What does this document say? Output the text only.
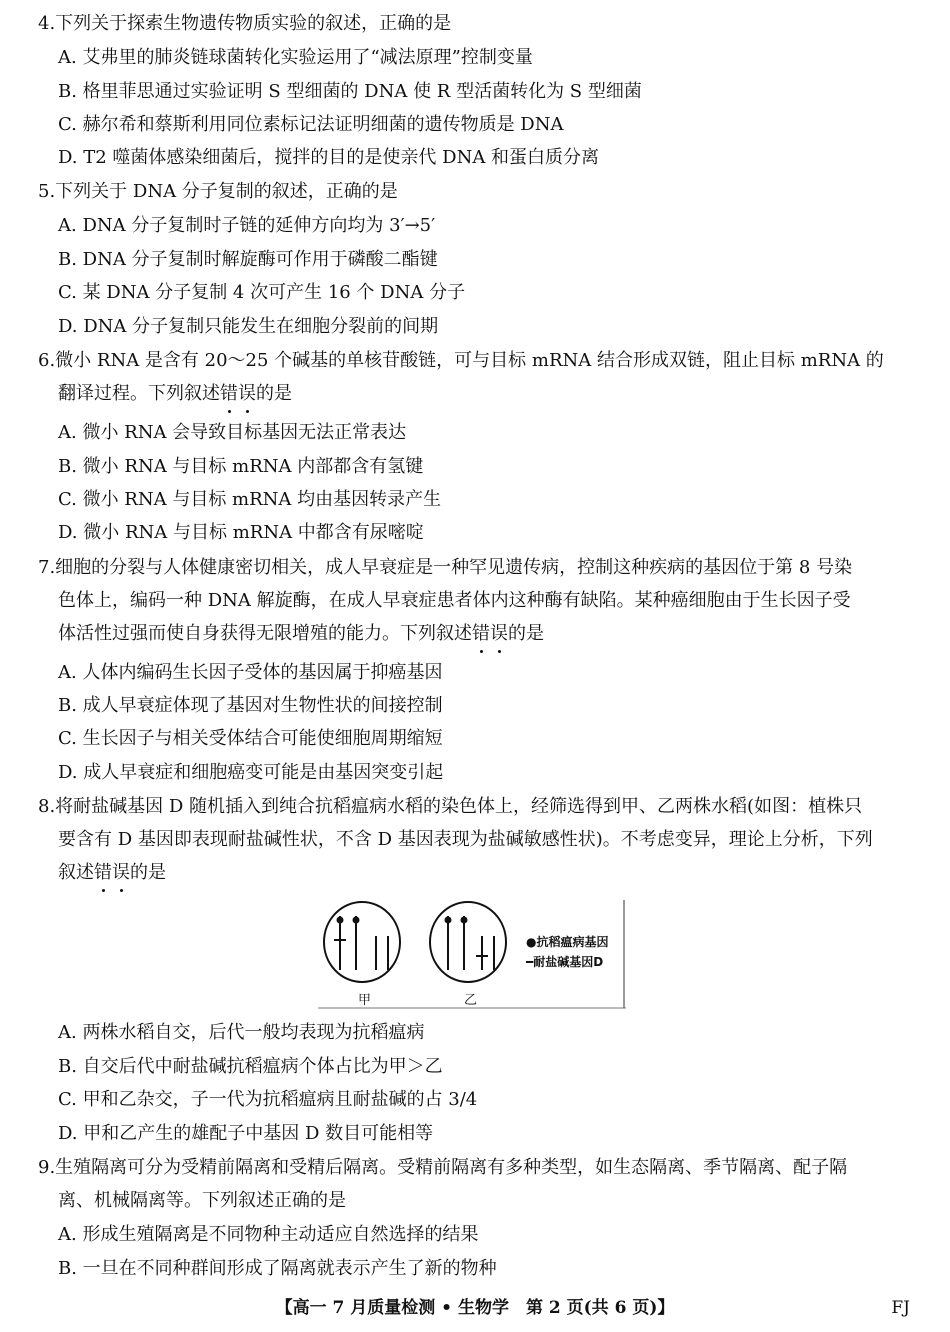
4.下列关于探索生物遗传物质实验的叙述，正确的是
A. 艾弗里的肺炎链球菌转化实验运用了“减法原理”控制变量
B. 格里菲思通过实验证明 S 型细菌的 DNA 使 R 型活菌转化为 S 型细菌
C. 赫尔希和蔡斯利用同位素标记法证明细菌的遗传物质是 DNA
D. T2 噬菌体感染细菌后，搅拌的目的是使亲代 DNA 和蛋白质分离
5.下列关于 DNA 分子复制的叙述，正确的是
A. DNA 分子复制时子链的延伸方向均为 3′→5′
B. DNA 分子复制时解旋酶可作用于磷酸二酯键
C. 某 DNA 分子复制 4 次可产生 16 个 DNA 分子
D. DNA 分子复制只能发生在细胞分裂前的间期
6.微小 RNA 是含有 20～25 个碱基的单核苷酸链，可与目标 mRNA 结合形成双链，阻止目标 mRNA 的
翻译过程。下列叙述错误的是
A. 微小 RNA 会导致目标基因无法正常表达
B. 微小 RNA 与目标 mRNA 内部都含有氢键
C. 微小 RNA 与目标 mRNA 均由基因转录产生
D. 微小 RNA 与目标 mRNA 中都含有尿嘧啶
7.细胞的分裂与人体健康密切相关，成人早衰症是一种罕见遗传病，控制这种疾病的基因位于第 8 号染
色体上，编码一种 DNA 解旋酶，在成人早衰症患者体内这种酶有缺陷。某种癌细胞由于生长因子受
体活性过强而使自身获得无限增殖的能力。下列叙述错误的是
A. 人体内编码生长因子受体的基因属于抑癌基因
B. 成人早衰症体现了基因对生物性状的间接控制
C. 生长因子与相关受体结合可能使细胞周期缩短
D. 成人早衰症和细胞癌变可能是由基因突变引起
8.将耐盐碱基因 D 随机插入到纯合抗稻瘟病水稻的染色体上，经筛选得到甲、乙两株水稻(如图：植株只
要含有 D 基因即表现耐盐碱性状，不含 D 基因表现为盐碱敏感性状)。不考虑变异，理论上分析，下列
叙述错误的是
甲	乙
●抗稻瘟病基因
━耐盐碱基因D
A. 两株水稻自交，后代一般均表现为抗稻瘟病
B. 自交后代中耐盐碱抗稻瘟病个体占比为甲＞乙
C. 甲和乙杂交，子一代为抗稻瘟病且耐盐碱的占 3/4
D. 甲和乙产生的雄配子中基因 D 数目可能相等
9.生殖隔离可分为受精前隔离和受精后隔离。受精前隔离有多种类型，如生态隔离、季节隔离、配子隔
离、机械隔离等。下列叙述正确的是
A. 形成生殖隔离是不同物种主动适应自然选择的结果
B. 一旦在不同种群间形成了隔离就表示产生了新的物种
【高一 7 月质量检测 • 生物学　第 2 页(共 6 页)】	FJ
